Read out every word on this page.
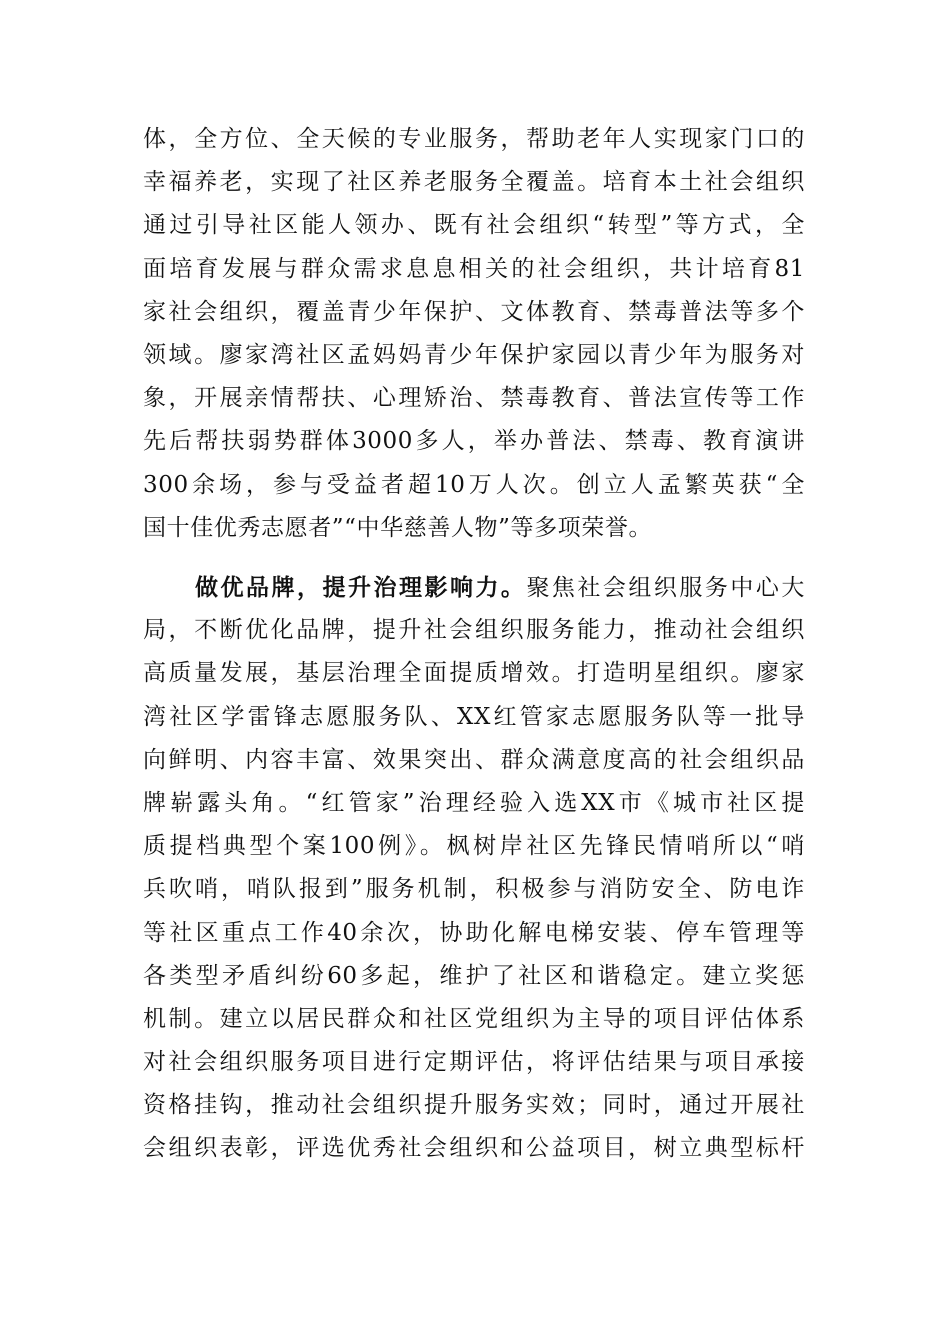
体，全方位、全天候的专业服务，帮助老年人实现家门口的
幸福养老，实现了社区养老服务全覆盖。培育本土社会组织
通过引导社区能人领办、既有社会组织“转型”等方式，全
面培育发展与群众需求息息相关的社会组织，共计培育81
家社会组织，覆盖青少年保护、文体教育、禁毒普法等多个
领域。廖家湾社区孟妈妈青少年保护家园以青少年为服务对
象，开展亲情帮扶、心理矫治、禁毒教育、普法宣传等工作
先后帮扶弱势群体3000多人，举办普法、禁毒、教育演讲
300余场，参与受益者超10万人次。创立人孟繁英获“全
国十佳优秀志愿者”“中华慈善人物”等多项荣誉。
做优品牌，提升治理影响力。聚焦社会组织服务中心大
局，不断优化品牌，提升社会组织服务能力，推动社会组织
高质量发展，基层治理全面提质增效。打造明星组织。廖家
湾社区学雷锋志愿服务队、XX红管家志愿服务队等一批导
向鲜明、内容丰富、效果突出、群众满意度高的社会组织品
牌崭露头角。“红管家”治理经验入选XX市《城市社区提
质提档典型个案100例》。枫树岸社区先锋民情哨所以“哨
兵吹哨，哨队报到”服务机制，积极参与消防安全、防电诈
等社区重点工作40余次，协助化解电梯安装、停车管理等
各类型矛盾纠纷60多起，维护了社区和谐稳定。建立奖惩
机制。建立以居民群众和社区党组织为主导的项目评估体系
对社会组织服务项目进行定期评估，将评估结果与项目承接
资格挂钩，推动社会组织提升服务实效；同时，通过开展社
会组织表彰，评选优秀社会组织和公益项目，树立典型标杆
